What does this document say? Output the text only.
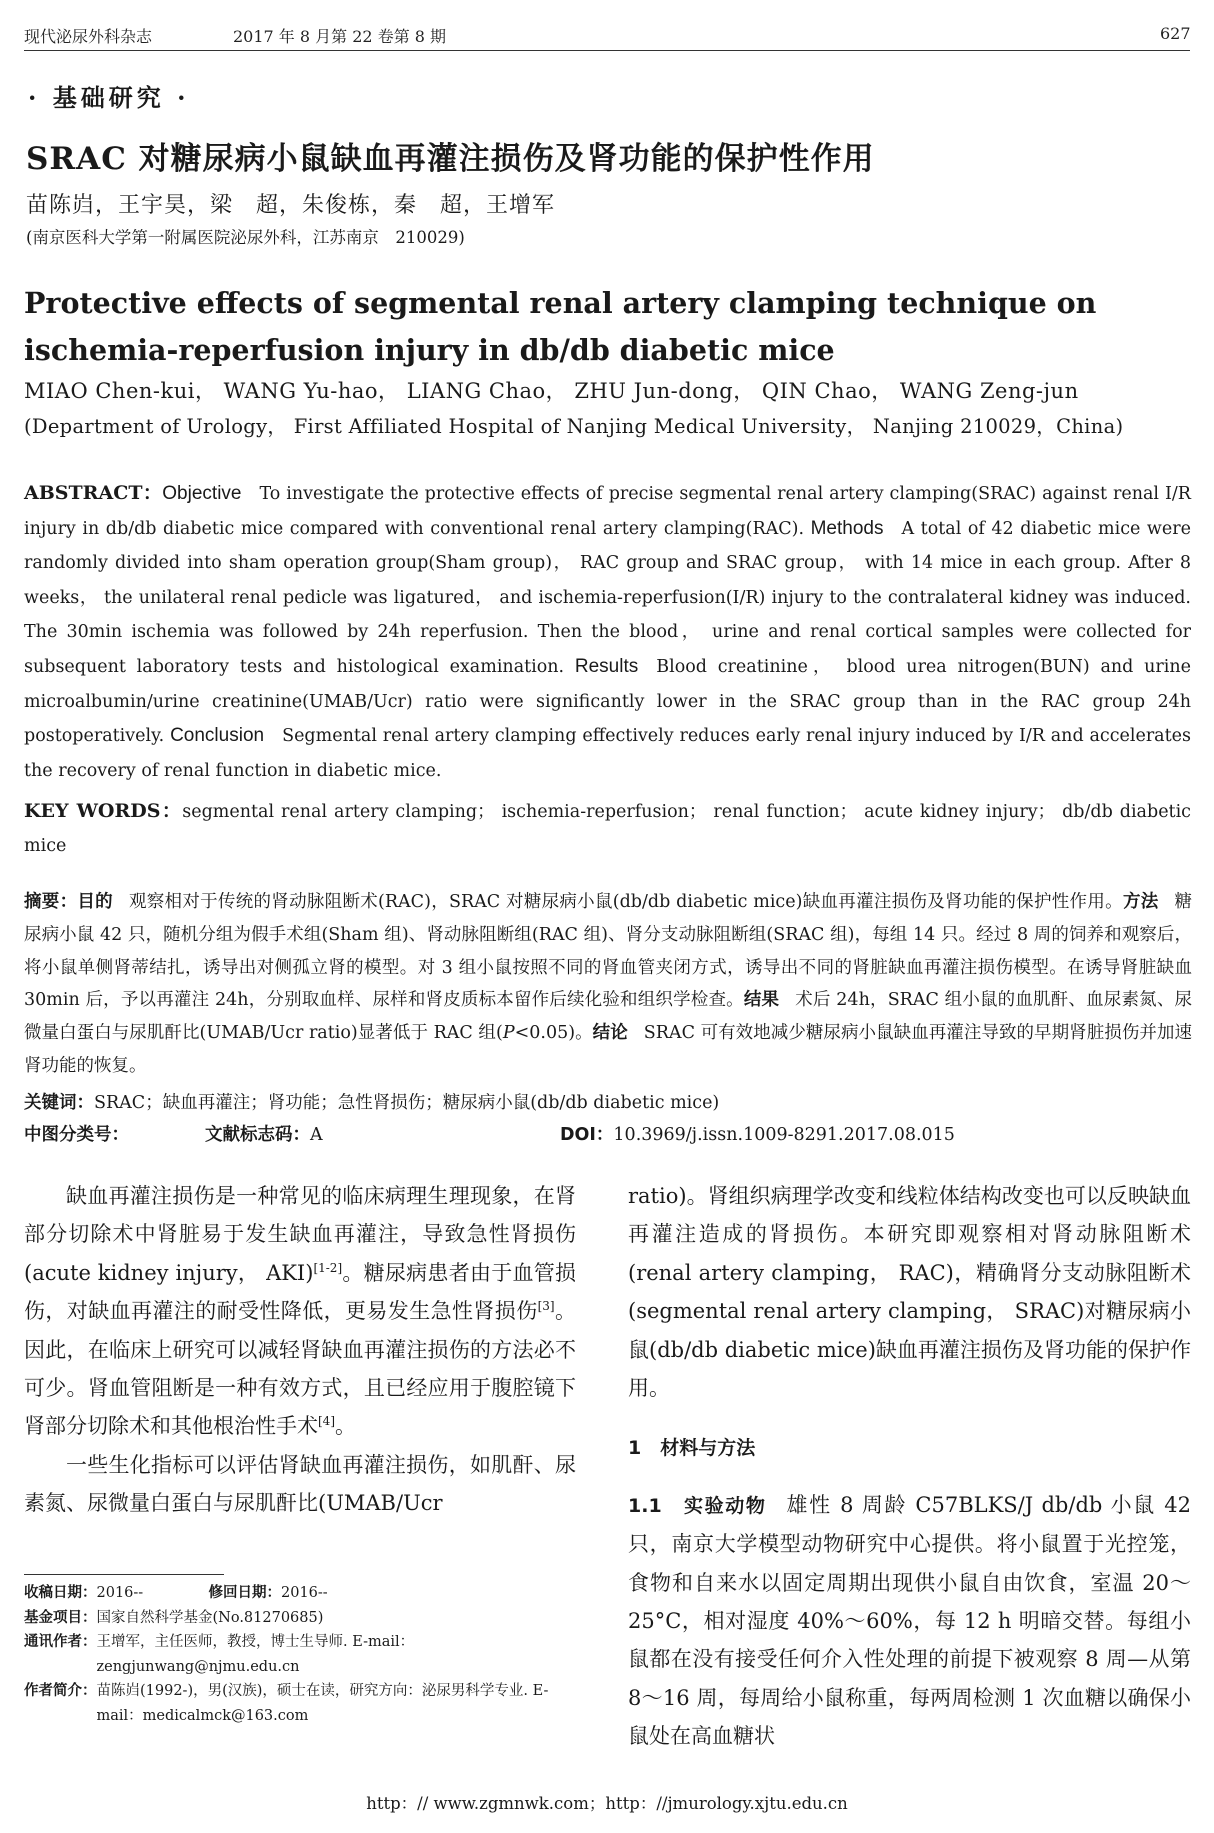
现代泌尿外科杂志	2017 年 8 月第 22 卷第 8 期	627
· 基础研究 ·
SRAC 对糖尿病小鼠缺血再灌注损伤及肾功能的保护性作用
苗陈岿，王宇昊，梁　超，朱俊栋，秦　超，王增军
(南京医科大学第一附属医院泌尿外科，江苏南京　210029)
Protective effects of segmental renal artery clamping technique on ischemia-reperfusion injury in db/db diabetic mice
MIAO Chen-kui， WANG Yu-hao， LIANG Chao， ZHU Jun-dong， QIN Chao， WANG Zeng-jun
(Department of Urology， First Affiliated Hospital of Nanjing Medical University， Nanjing 210029，China)
ABSTRACT：Objective To investigate the protective effects of precise segmental renal artery clamping(SRAC) against renal I/R injury in db/db diabetic mice compared with conventional renal artery clamping(RAC). Methods A total of 42 diabetic mice were randomly divided into sham operation group(Sham group)， RAC group and SRAC group， with 14 mice in each group. After 8 weeks， the unilateral renal pedicle was ligatured， and ischemia-reperfusion(I/R) injury to the contralateral kidney was induced. The 30min ischemia was followed by 24h reperfusion. Then the blood， urine and renal cortical samples were collected for subsequent laboratory tests and histological examination. Results Blood creatinine， blood urea nitrogen(BUN) and urine microalbumin/urine creatinine(UMAB/Ucr) ratio were significantly lower in the SRAC group than in the RAC group 24h postoperatively. Conclusion Segmental renal artery clamping effectively reduces early renal injury induced by I/R and accelerates the recovery of renal function in diabetic mice.
KEY WORDS：segmental renal artery clamping； ischemia-reperfusion； renal function； acute kidney injury； db/db diabetic mice
摘要：目的 观察相对于传统的肾动脉阻断术(RAC)，SRAC 对糖尿病小鼠(db/db diabetic mice)缺血再灌注损伤及肾功能的保护性作用。方法 糖尿病小鼠 42 只，随机分组为假手术组(Sham 组)、肾动脉阻断组(RAC 组)、肾分支动脉阻断组(SRAC 组)，每组 14 只。经过 8 周的饲养和观察后，将小鼠单侧肾蒂结扎，诱导出对侧孤立肾的模型。对 3 组小鼠按照不同的肾血管夹闭方式，诱导出不同的肾脏缺血再灌注损伤模型。在诱导肾脏缺血 30min 后，予以再灌注 24h，分别取血样、尿样和肾皮质标本留作后续化验和组织学检查。结果 术后 24h，SRAC 组小鼠的血肌酐、血尿素氮、尿微量白蛋白与尿肌酐比(UMAB/Ucr ratio)显著低于 RAC 组(P<0.05)。结论 SRAC 可有效地减少糖尿病小鼠缺血再灌注导致的早期肾脏损伤并加速肾功能的恢复。
关键词：SRAC；缺血再灌注；肾功能；急性肾损伤；糖尿病小鼠(db/db diabetic mice)
中图分类号：	文献标志码：A	DOI：10.3969/j.issn.1009-8291.2017.08.015

缺血再灌注损伤是一种常见的临床病理生理现象，在肾部分切除术中肾脏易于发生缺血再灌注，导致急性肾损伤(acute kidney injury， AKI)[1-2]。糖尿病患者由于血管损伤，对缺血再灌注的耐受性降低，更易发生急性肾损伤[3]。因此，在临床上研究可以减轻肾缺血再灌注损伤的方法必不可少。肾血管阻断是一种有效方式，且已经应用于腹腔镜下肾部分切除术和其他根治性手术[4]。

一些生化指标可以评估肾缺血再灌注损伤，如肌酐、尿素氮、尿微量白蛋白与尿肌酐比(UMAB/Ucr

ratio)。肾组织病理学改变和线粒体结构改变也可以反映缺血再灌注造成的肾损伤。本研究即观察相对肾动脉阻断术(renal artery clamping， RAC)，精确肾分支动脉阻断术(segmental renal artery clamping， SRAC)对糖尿病小鼠(db/db diabetic mice)缺血再灌注损伤及肾功能的保护作用。

1　材料与方法

1.1　实验动物 雄性 8 周龄 C57BLKS/J db/db 小鼠 42 只，南京大学模型动物研究中心提供。将小鼠置于光控笼，食物和自来水以固定周期出现供小鼠自由饮食，室温 20～25°C，相对湿度 40%～60%，每 12 h 明暗交替。每组小鼠都在没有接受任何介入性处理的前提下被观察 8 周—从第 8～16 周，每周给小鼠称重，每两周检测 1 次血糖以确保小鼠处在高血糖状

收稿日期： 2016--	修回日期： 2016--
基金项目： 国家自然科学基金(No.81270685)
通讯作者： 王增军，主任医师，教授，博士生导师. E-mail：zengjunwang@njmu.edu.cn
作者简介： 苗陈岿(1992-)，男(汉族)，硕士在读，研究方向：泌尿男科学专业. E-mail：medicalmck@163.com
http：// www.zgmnwk.com；http：//jmurology.xjtu.edu.cn
